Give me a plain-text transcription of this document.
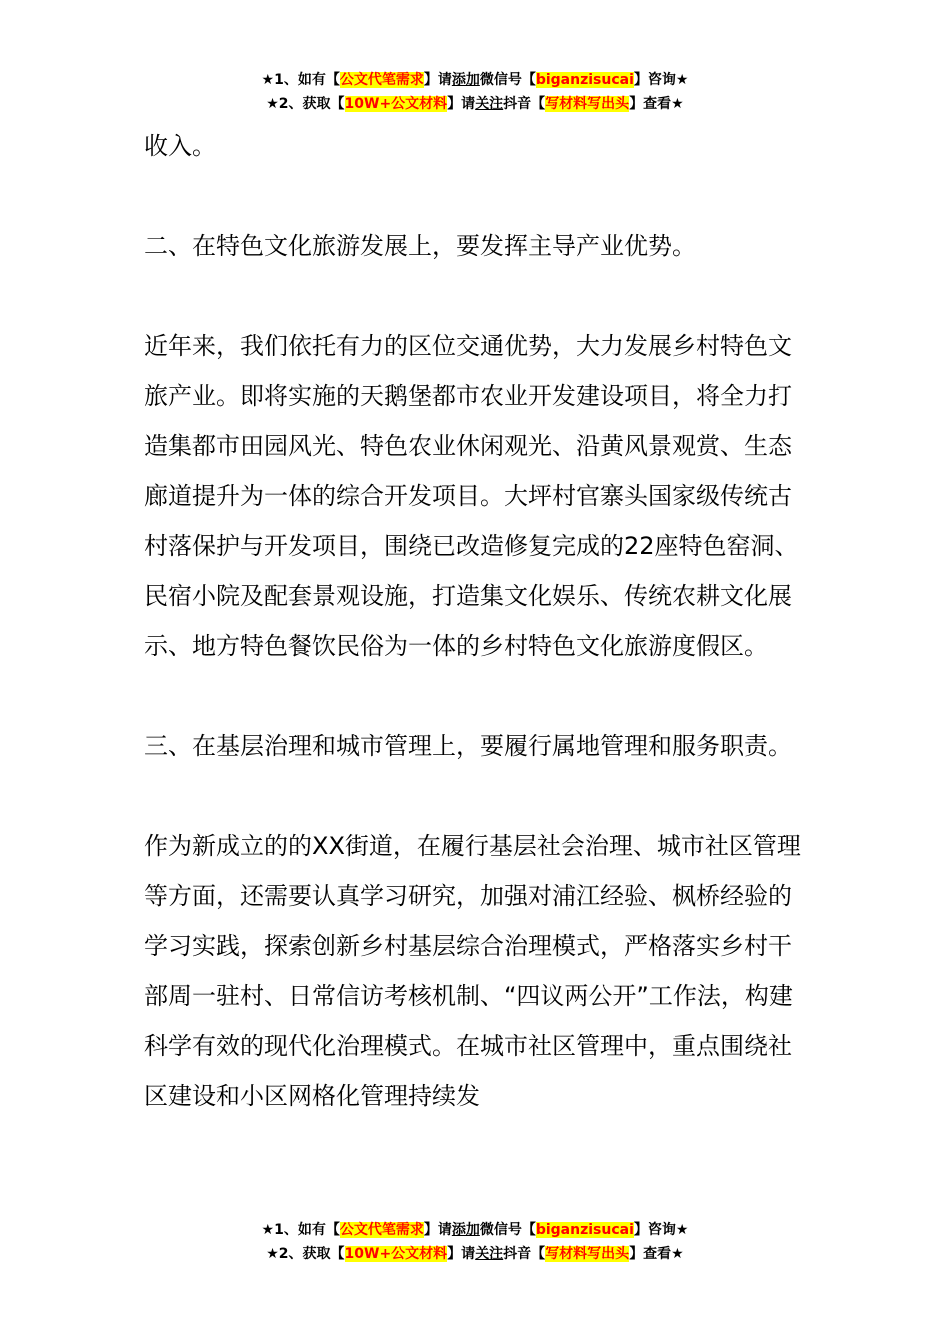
★1、如有【公文代笔需求】请添加微信号【biganzisucai】咨询★
★2、获取【10W+公文材料】请关注抖音【写材料写出头】查看★

收入。

二、在特色文化旅游发展上，要发挥主导产业优势。

近年来，我们依托有力的区位交通优势，大力发展乡村特色文旅产业。即将实施的天鹅堡都市农业开发建设项目，将全力打造集都市田园风光、特色农业休闲观光、沿黄风景观赏、生态廊道提升为一体的综合开发项目。大坪村官寨头国家级传统古村落保护与开发项目，围绕已改造修复完成的22座特色窑洞、民宿小院及配套景观设施，打造集文化娱乐、传统农耕文化展示、地方特色餐饮民俗为一体的乡村特色文化旅游度假区。

三、在基层治理和城市管理上，要履行属地管理和服务职责。

作为新成立的的XX街道，在履行基层社会治理、城市社区管理等方面，还需要认真学习研究，加强对浦江经验、枫桥经验的学习实践，探索创新乡村基层综合治理模式，严格落实乡村干部周一驻村、日常信访考核机制、“四议两公开”工作法，构建科学有效的现代化治理模式。在城市社区管理中，重点围绕社区建设和小区网格化管理持续发

★1、如有【公文代笔需求】请添加微信号【biganzisucai】咨询★
★2、获取【10W+公文材料】请关注抖音【写材料写出头】查看★
